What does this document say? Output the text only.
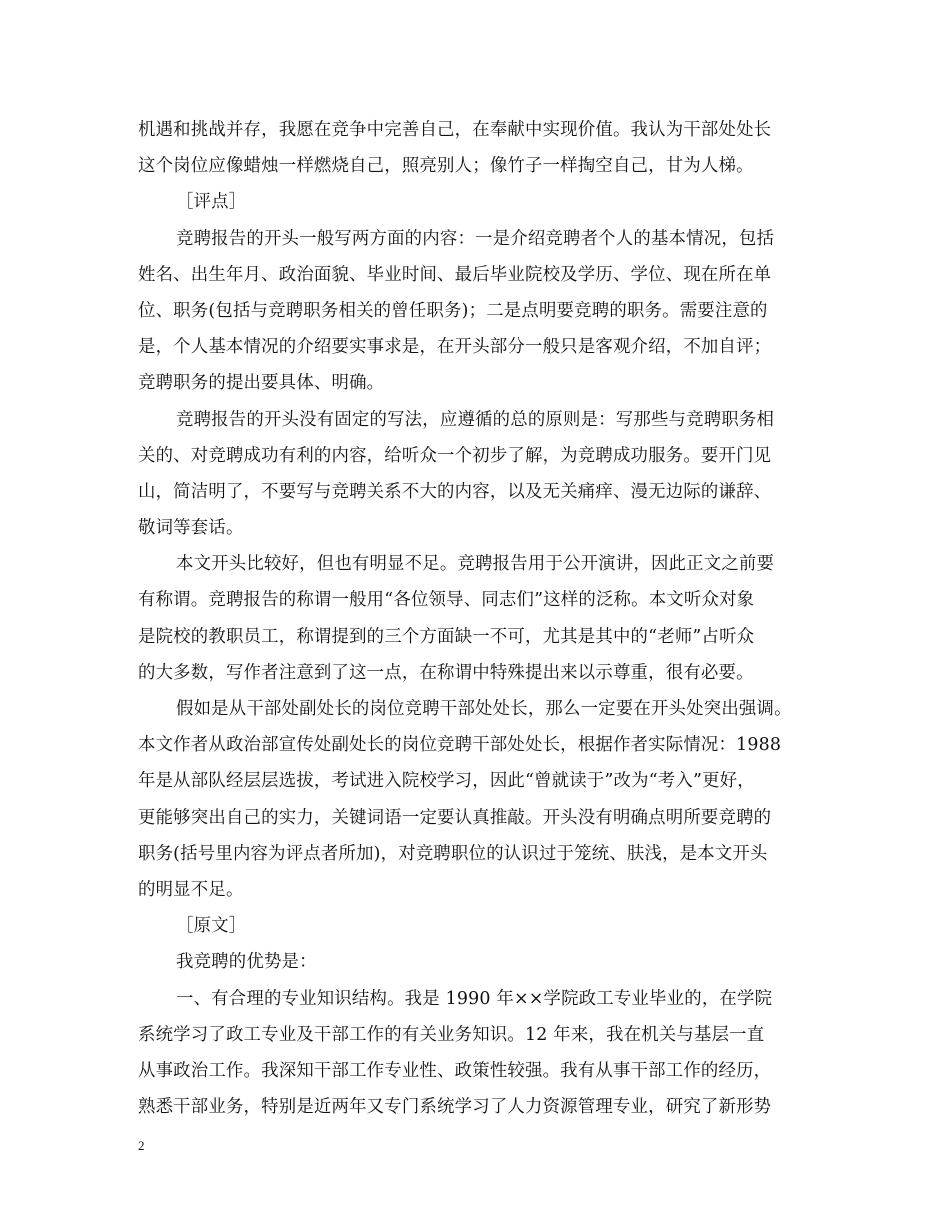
机遇和挑战并存，我愿在竞争中完善自己，在奉献中实现价值。我认为干部处处长
这个岗位应像蜡烛一样燃烧自己，照亮别人；像竹子一样掏空自己，甘为人梯。
［评点］
竞聘报告的开头一般写两方面的内容：一是介绍竞聘者个人的基本情况，包括
姓名、出生年月、政治面貌、毕业时间、最后毕业院校及学历、学位、现在所在单
位、职务(包括与竞聘职务相关的曾任职务)；二是点明要竞聘的职务。需要注意的
是，个人基本情况的介绍要实事求是，在开头部分一般只是客观介绍，不加自评；
竞聘职务的提出要具体、明确。
竞聘报告的开头没有固定的写法，应遵循的总的原则是：写那些与竞聘职务相
关的、对竞聘成功有利的内容，给听众一个初步了解，为竞聘成功服务。要开门见
山，简洁明了，不要写与竞聘关系不大的内容，以及无关痛痒、漫无边际的谦辞、
敬词等套话。
本文开头比较好，但也有明显不足。竞聘报告用于公开演讲，因此正文之前要
有称谓。竞聘报告的称谓一般用“各位领导、同志们”这样的泛称。本文听众对象
是院校的教职员工，称谓提到的三个方面缺一不可，尤其是其中的“老师”占听众
的大多数，写作者注意到了这一点，在称谓中特殊提出来以示尊重，很有必要。
假如是从干部处副处长的岗位竞聘干部处处长，那么一定要在开头处突出强调。
本文作者从政治部宣传处副处长的岗位竞聘干部处处长，根据作者实际情况：1988
年是从部队经层层选拔，考试进入院校学习，因此“曾就读于”改为“考入”更好，
更能够突出自己的实力，关键词语一定要认真推敲。开头没有明确点明所要竞聘的
职务(括号里内容为评点者所加)，对竞聘职位的认识过于笼统、肤浅，是本文开头
的明显不足。
［原文］
我竞聘的优势是：
一、有合理的专业知识结构。我是 1990 年××学院政工专业毕业的，在学院
系统学习了政工专业及干部工作的有关业务知识。12 年来，我在机关与基层一直
从事政治工作。我深知干部工作专业性、政策性较强。我有从事干部工作的经历，
熟悉干部业务，特别是近两年又专门系统学习了人力资源管理专业，研究了新形势
2
